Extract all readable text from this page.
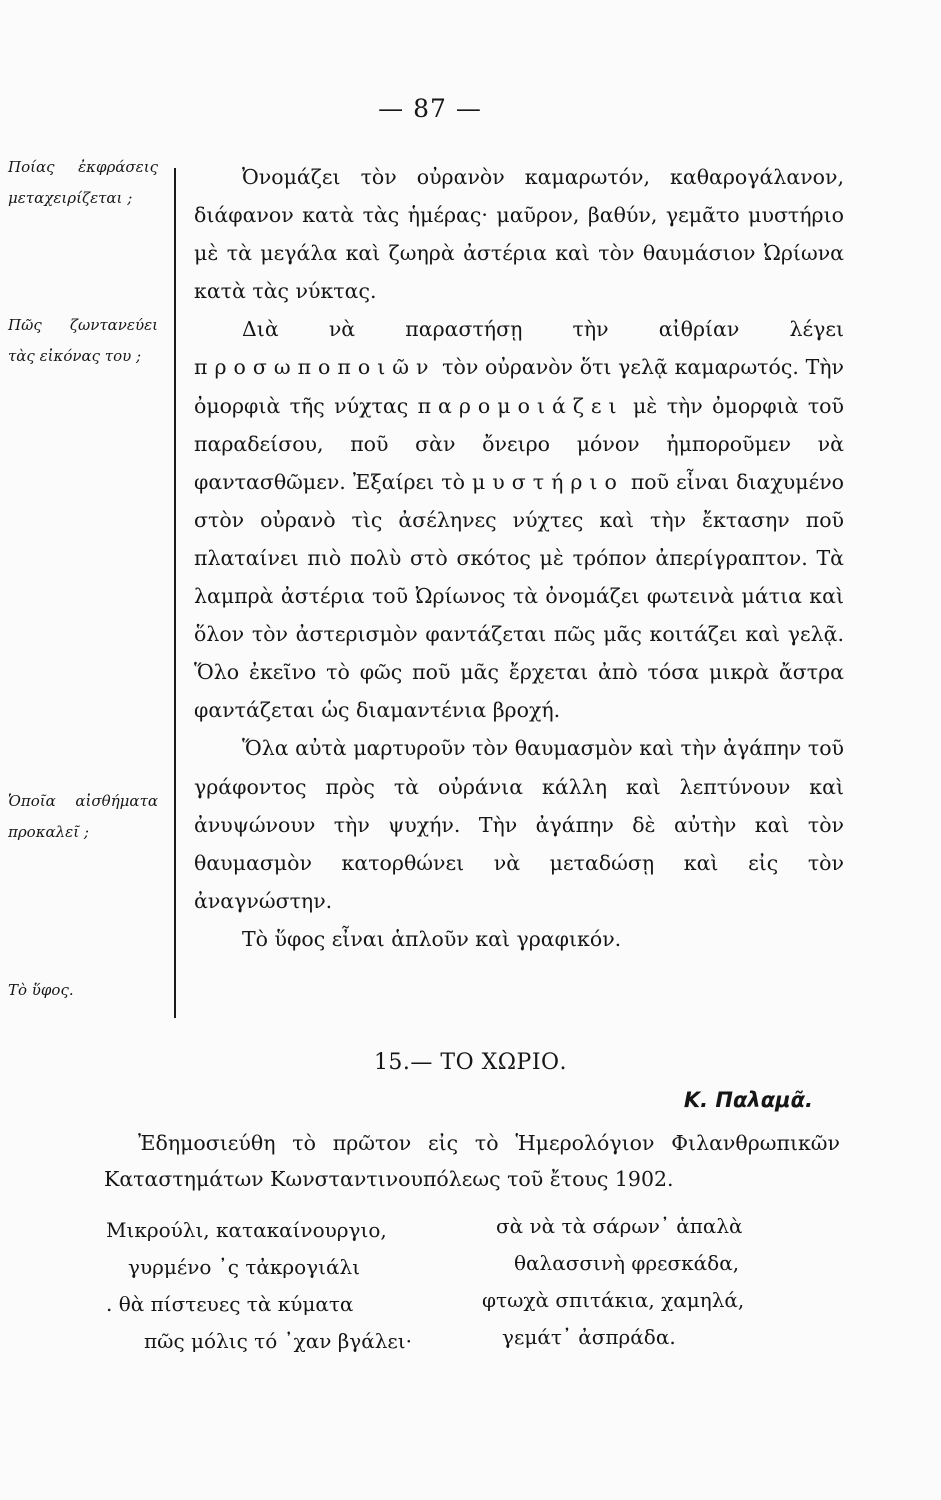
— 87 —
Ποίας ἐκφράσεις μεταχειρίζεται ;
Πῶς ζωντανεύει τὰς εἰκόνας του ;
Ὁποῖα αἰσθήματα προκαλεῖ ;
Τὸ ὕφος.

Ὀνομάζει τὸν οὐρανὸν καμαρωτόν, καθαρογάλανον, διάφανον κατὰ τὰς ἡμέρας· μαῦρον, βαθύν, γεμᾶτο μυστήριο μὲ τὰ μεγάλα καὶ ζωηρὰ ἀστέρια καὶ τὸν θαυμάσιον Ὠρίωνα κατὰ τὰς νύκτας.

Διὰ νὰ παραστήσῃ τὴν αἰθρίαν λέγει προσωποποιῶν τὸν οὐρανὸν ὅτι γελᾷ καμαρωτός. Τὴν ὀμορφιὰ τῆς νύχτας παρομοιάζει μὲ τὴν ὀμορφιὰ τοῦ παραδείσου, ποῦ σὰν ὄνειρο μόνον ἠμποροῦμεν νὰ φαντασθῶμεν. Ἐξαίρει τὸ μυστήριο ποῦ εἶναι διαχυμένο στὸν οὐρανὸ τὶς ἀσέληνες νύχτες καὶ τὴν ἔκτασην ποῦ πλαταίνει πιὸ πολὺ στὸ σκότος μὲ τρόπον ἀπερίγραπτον. Τὰ λαμπρὰ ἀστέρια τοῦ Ὠρίωνος τὰ ὀνομάζει φωτεινὰ μάτια καὶ ὅλον τὸν ἀστερισμὸν φαντάζεται πῶς μᾶς κοιτάζει καὶ γελᾷ. Ὅλο ἐκεῖνο τὸ φῶς ποῦ μᾶς ἔρχεται ἀπὸ τόσα μικρὰ ἄστρα φαντάζεται ὡς διαμαντένια βροχή.

Ὅλα αὐτὰ μαρτυροῦν τὸν θαυμασμὸν καὶ τὴν ἀγάπην τοῦ γράφοντος πρὸς τὰ οὐράνια κάλλη καὶ λεπτύνουν καὶ ἀνυψώνουν τὴν ψυχήν. Τὴν ἀγάπην δὲ αὐτὴν καὶ τὸν θαυμασμὸν κατορθώνει νὰ μεταδώσῃ καὶ εἰς τὸν ἀναγνώστην.

Τὸ ὕφος εἶναι ἁπλοῦν καὶ γραφικόν.

15.— ΤΟ ΧΩΡΙΟ.
Κ. Παλαμᾶ.
Ἐδημοσιεύθη τὸ πρῶτον εἰς τὸ Ἡμερολόγιον Φιλανθρωπικῶν Καταστημάτων Κωνσταντινουπόλεως τοῦ ἔτους 1902.
Μικρούλι, κατακαίνουργιο,
γυρμένο ᾿ς τἀκρογιάλι
. θὰ πίστευες τὰ κύματα
πῶς μόλις τό ᾿χαν βγάλει·
σὰ νὰ τὰ σάρων᾿ ἁπαλὰ
θαλασσινὴ φρεσκάδα,
φτωχὰ σπιτάκια, χαμηλά,
γεμάτ᾿ ἀσπράδα.
